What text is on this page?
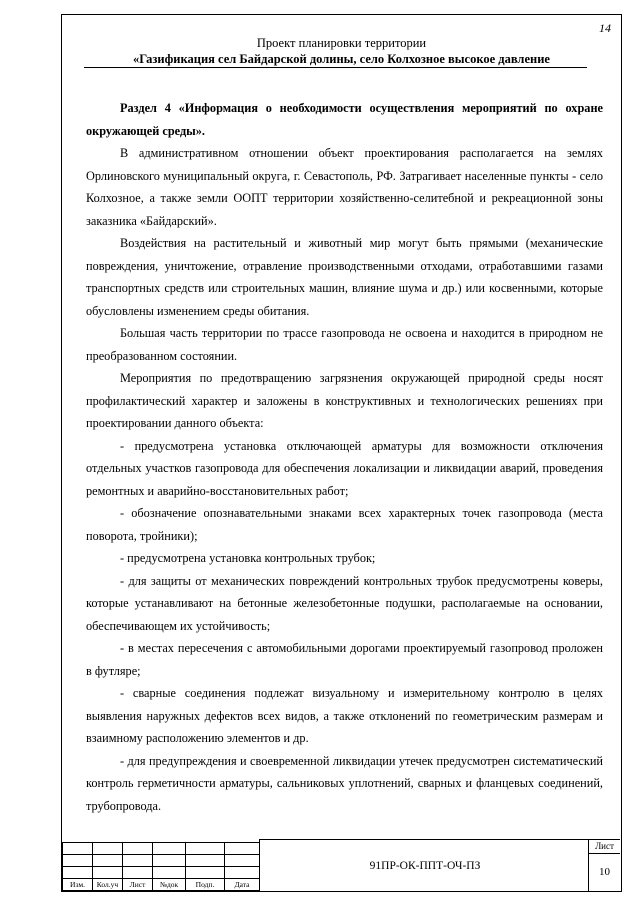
14
Проект планировки территории
«Газификация сел Байдарской долины, село Колхозное высокое давление

Раздел 4 «Информация о необходимости осуществления мероприятий по охране окружающей среды».

В административном отношении объект проектирования располагается на землях Орлиновского муниципальный округа, г. Севастополь, РФ. Затрагивает населенные пункты - село Колхозное, а также земли ООПТ территории хозяйственно-селитебной и рекреационной зоны заказника «Байдарский».

Воздействия на растительный и животный мир могут быть прямыми (механические повреждения, уничтожение, отравление производственными отходами, отработавшими газами транспортных средств или строительных машин, влияние шума и др.) или косвенными, которые обусловлены изменением среды обитания.

Большая часть территории по трассе газопровода не освоена и находится в природном не преобразованном состоянии.

Мероприятия по предотвращению загрязнения окружающей природной среды носят профилактический характер и заложены в конструктивных и технологических решениях при проектировании данного объекта:

- предусмотрена установка отключающей арматуры для возможности отключения отдельных участков газопровода для обеспечения локализации и ликвидации аварий, проведения ремонтных и аварийно-восстановительных работ;

- обозначение опознавательными знаками всех характерных точек газопровода (места поворота, тройники);

- предусмотрена установка контрольных трубок;

- для защиты от механических повреждений контрольных трубок предусмотрены коверы, которые устанавливают на бетонные железобетонные подушки, располагаемые на основании, обеспечивающем их устойчивость;

- в местах пересечения с автомобильными дорогами проектируемый газопровод проложен в футляре;

- сварные соединения подлежат визуальному и измерительному контролю в целях выявления наружных дефектов всех видов, а также отклонений по геометрическим размерам и взаимному расположению элементов и др.

- для предупреждения и своевременной ликвидации утечек предусмотрен систематический контроль герметичности арматуры, сальниковых уплотнений, сварных и фланцевых соединений, трубопровода.

Изм.	Кол.уч	Лист	№док	Подп.	Дата
91ПР-ОК-ППТ-ОЧ-ПЗ
Лист
10
